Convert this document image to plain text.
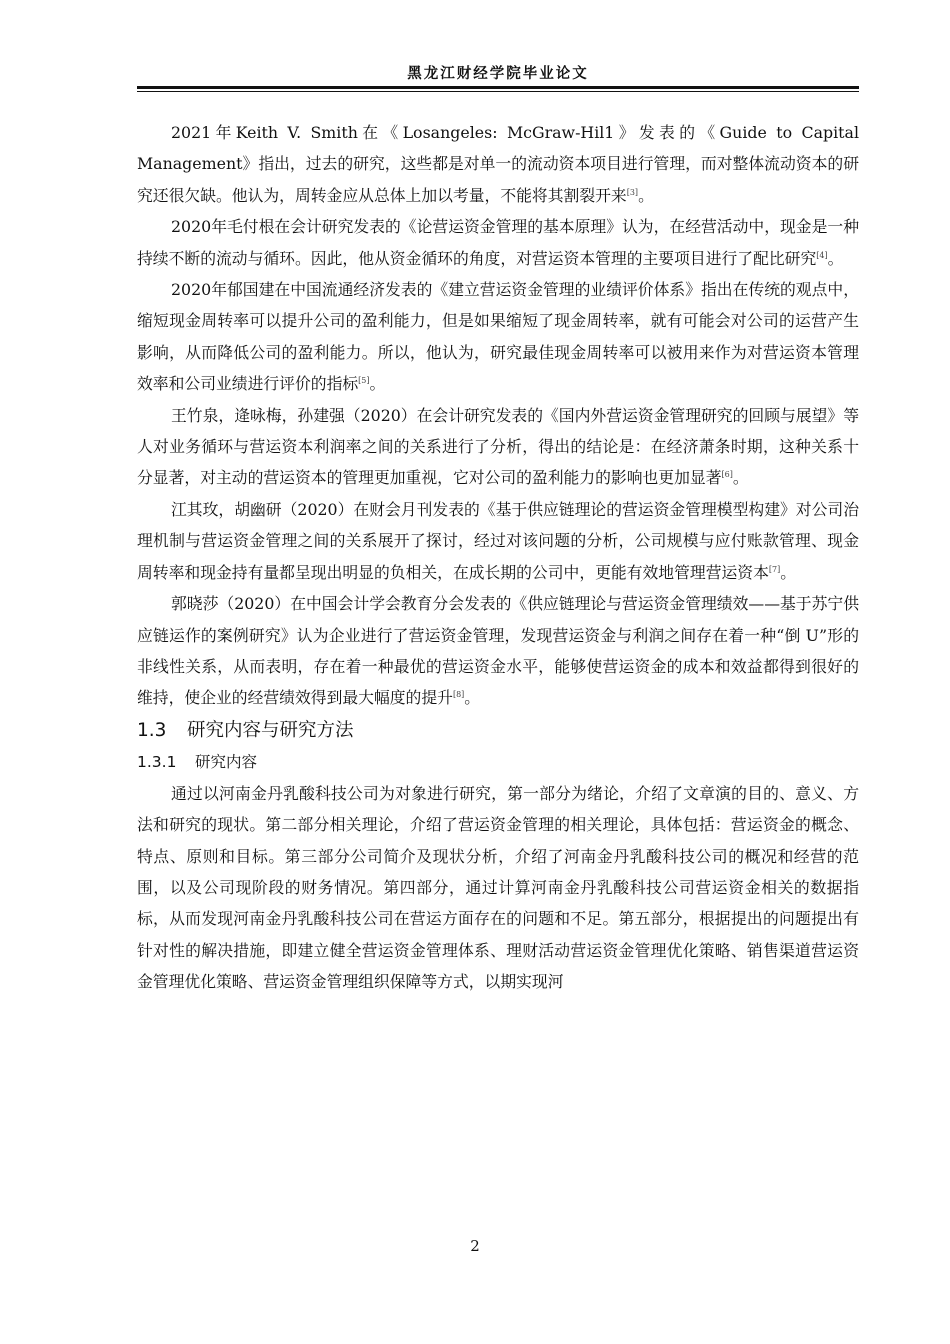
黑龙江财经学院毕业论文

2021年Keith V. Smith在《Losangeles: McGraw-Hil1》发表的《Guide to Capital Management》指出，过去的研究，这些都是对单一的流动资本项目进行管理，而对整体流动资本的研究还很欠缺。他认为，周转金应从总体上加以考量，不能将其割裂开来[3]。

2020年毛付根在会计研究发表的《论营运资金管理的基本原理》认为，在经营活动中，现金是一种持续不断的流动与循环。因此，他从资金循环的角度，对营运资本管理的主要项目进行了配比研究[4]。

2020年郁国建在中国流通经济发表的《建立营运资金管理的业绩评价体系》指出在传统的观点中，缩短现金周转率可以提升公司的盈利能力，但是如果缩短了现金周转率，就有可能会对公司的运营产生影响，从而降低公司的盈利能力。所以，他认为，研究最佳现金周转率可以被用来作为对营运资本管理效率和公司业绩进行评价的指标[5]。

王竹泉，逄咏梅，孙建强（2020）在会计研究发表的《国内外营运资金管理研究的回顾与展望》等人对业务循环与营运资本利润率之间的关系进行了分析，得出的结论是：在经济萧条时期，这种关系十分显著，对主动的营运资本的管理更加重视，它对公司的盈利能力的影响也更加显著[6]。

江其玫，胡幽研（2020）在财会月刊发表的《基于供应链理论的营运资金管理模型构建》对公司治理机制与营运资金管理之间的关系展开了探讨，经过对该问题的分析，公司规模与应付账款管理、现金周转率和现金持有量都呈现出明显的负相关，在成长期的公司中，更能有效地管理营运资本[7]。

郭晓莎（2020）在中国会计学会教育分会发表的《供应链理论与营运资金管理绩效——基于苏宁供应链运作的案例研究》认为企业进行了营运资金管理，发现营运资金与利润之间存在着一种“倒 U”形的非线性关系，从而表明，存在着一种最优的营运资金水平，能够使营运资金的成本和效益都得到很好的维持，使企业的经营绩效得到最大幅度的提升[8]。

1.3 研究内容与研究方法
1.3.1 研究内容

通过以河南金丹乳酸科技公司为对象进行研究，第一部分为绪论，介绍了文章演的目的、意义、方法和研究的现状。第二部分相关理论，介绍了营运资金管理的相关理论，具体包括：营运资金的概念、特点、原则和目标。第三部分公司简介及现状分析，介绍了河南金丹乳酸科技公司的概况和经营的范围，以及公司现阶段的财务情况。第四部分，通过计算河南金丹乳酸科技公司营运资金相关的数据指标，从而发现河南金丹乳酸科技公司在营运方面存在的问题和不足。第五部分，根据提出的问题提出有针对性的解决措施，即建立健全营运资金管理体系、理财活动营运资金管理优化策略、销售渠道营运资金管理优化策略、营运资金管理组织保障等方式，以期实现河

2
